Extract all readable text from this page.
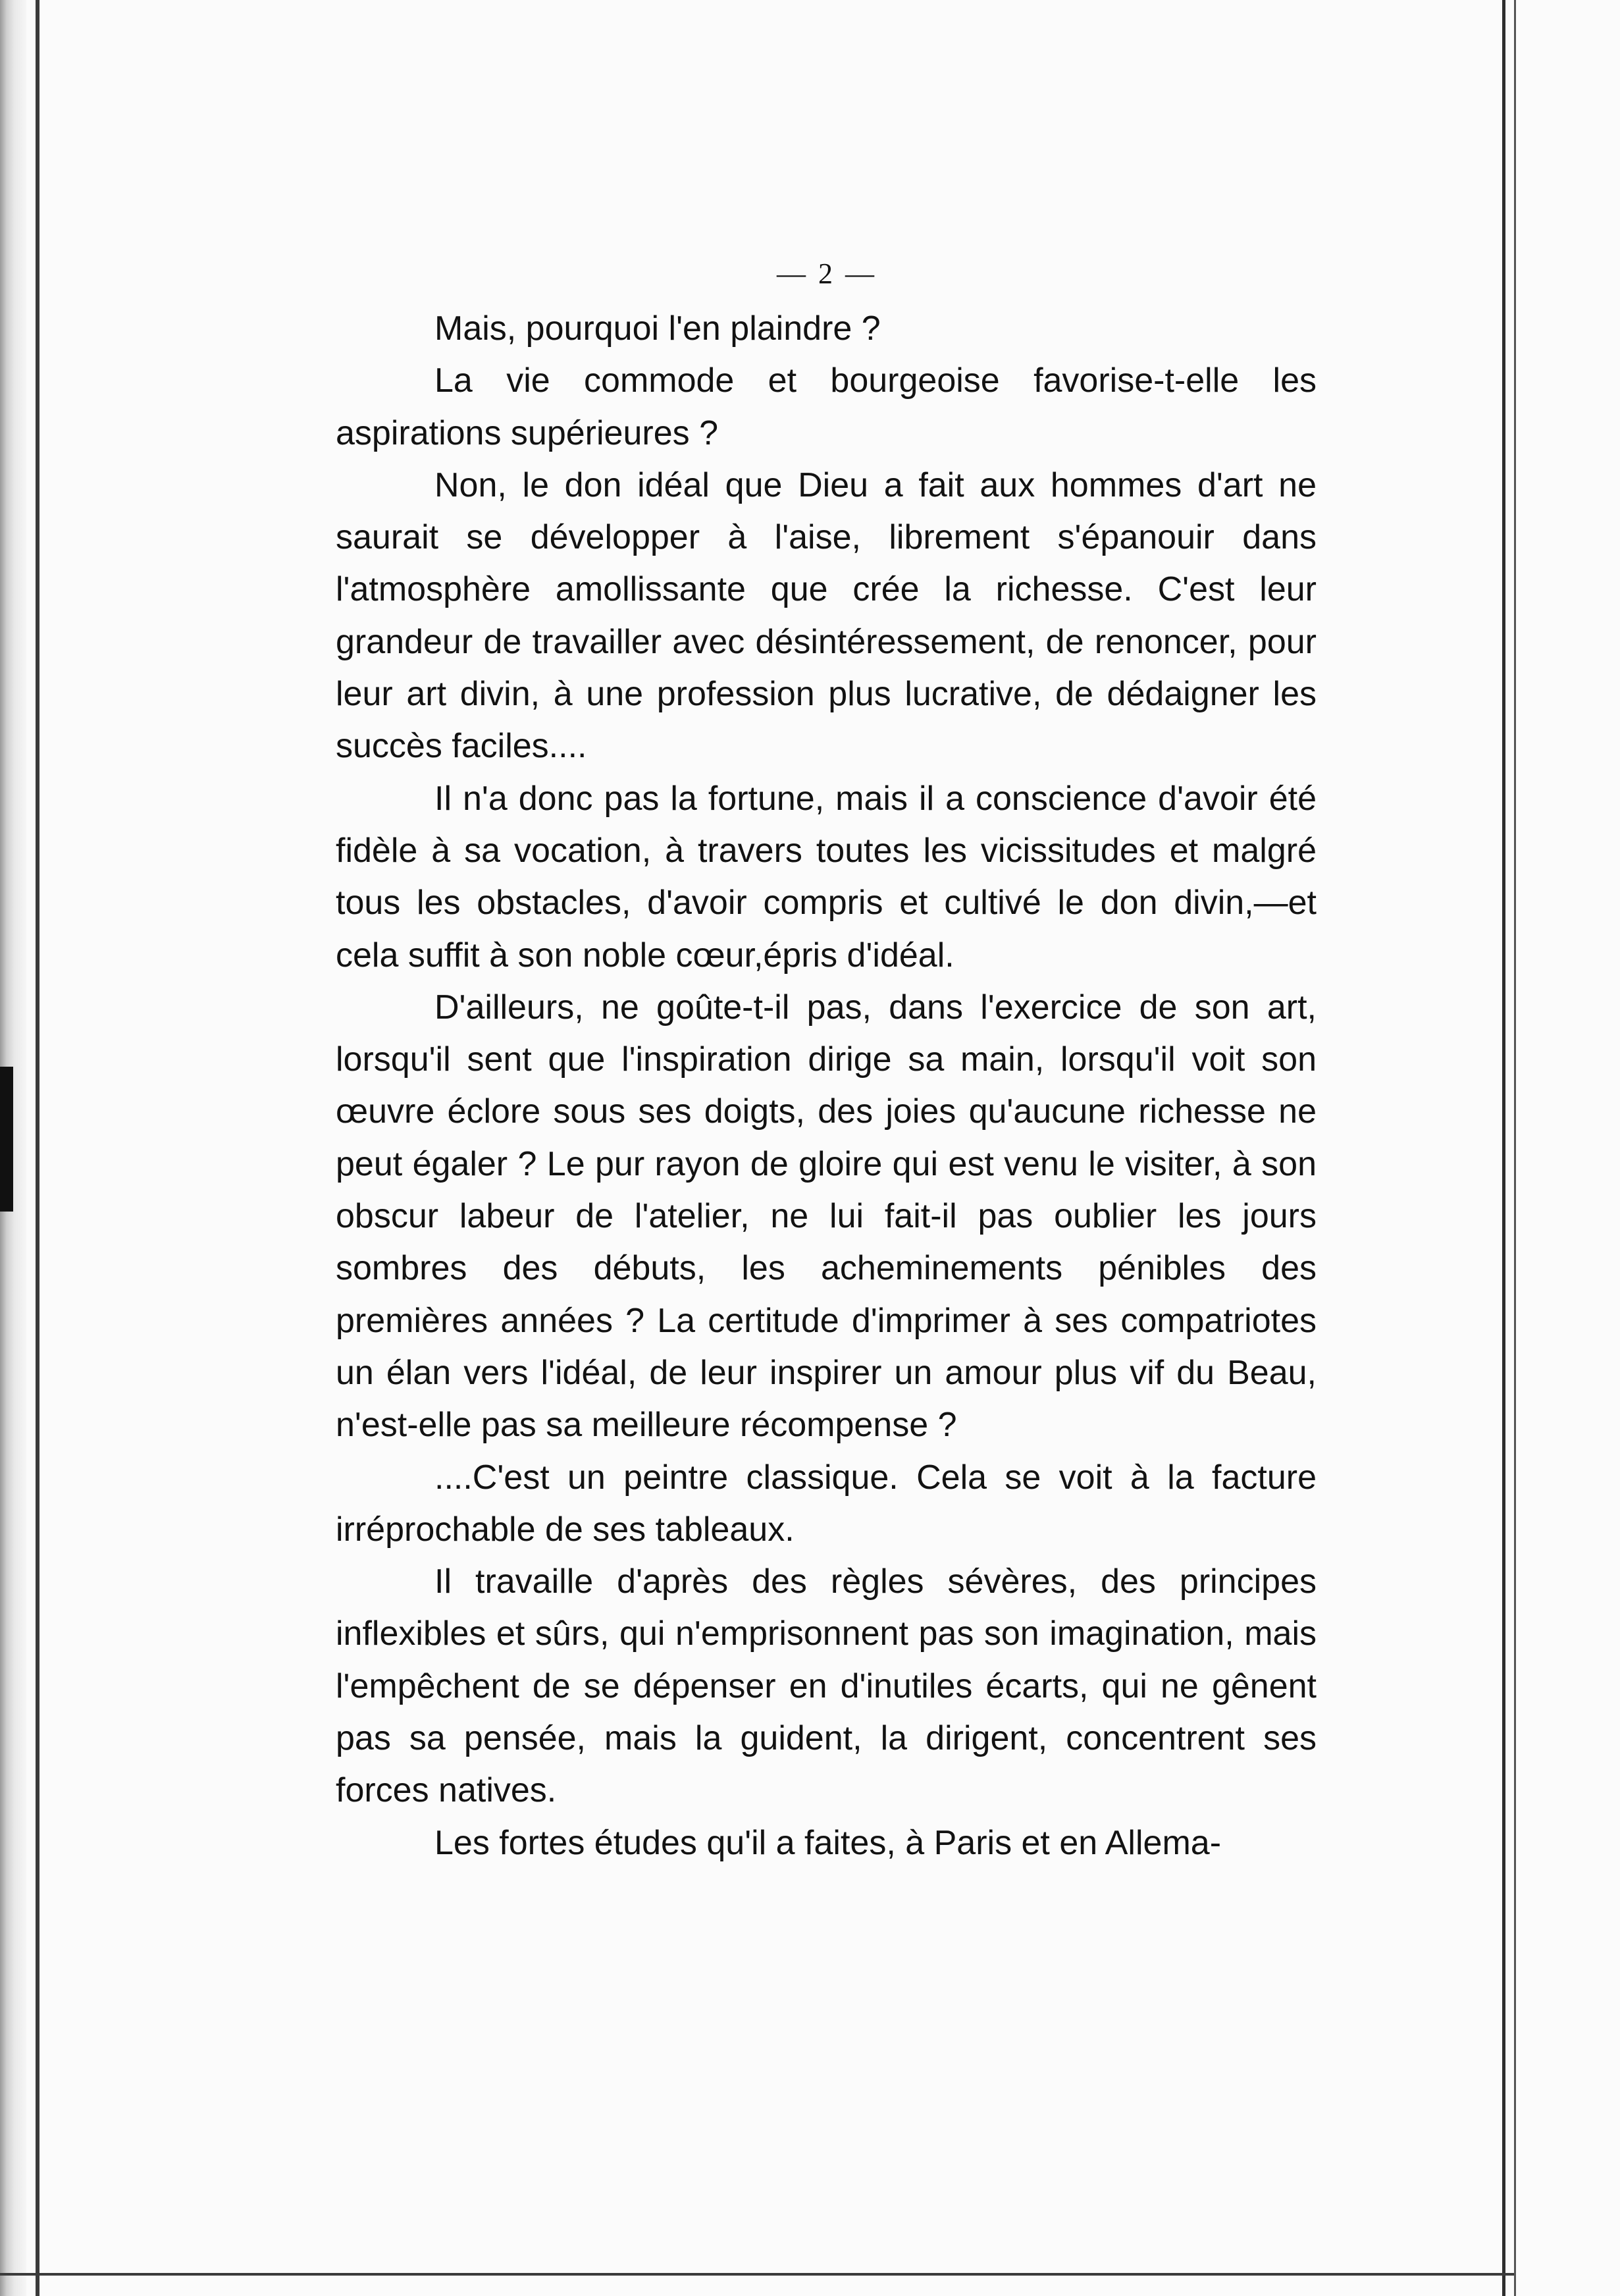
— 2 —

Mais, pourquoi l'en plaindre ?

La vie commode et bourgeoise favorise-t-elle les aspirations supérieures ?

Non, le don idéal que Dieu a fait aux hommes d'art ne saurait se développer à l'aise, librement s'épanouir dans l'atmosphère amollissante que crée la richesse. C'est leur grandeur de travailler avec désintéressement, de renoncer, pour leur art divin, à une profession plus lucrative, de dédaigner les succès faciles....

Il n'a donc pas la fortune, mais il a conscience d'avoir été fidèle à sa vocation, à travers toutes les vicissitudes et malgré tous les obstacles, d'avoir compris et cultivé le don divin,—et cela suffit à son noble cœur,épris d'idéal.

D'ailleurs, ne goûte-t-il pas, dans l'exercice de son art, lorsqu'il sent que l'inspiration dirige sa main, lorsqu'il voit son œuvre éclore sous ses doigts, des joies qu'aucune richesse ne peut égaler ? Le pur rayon de gloire qui est venu le visiter, à son obscur labeur de l'atelier, ne lui fait-il pas oublier les jours sombres des débuts, les acheminements pénibles des premières années ? La certitude d'imprimer à ses compatriotes un élan vers l'idéal, de leur inspirer un amour plus vif du Beau, n'est-elle pas sa meilleure récompense ?

....C'est un peintre classique. Cela se voit à la facture irréprochable de ses tableaux.

Il travaille d'après des règles sévères, des principes inflexibles et sûrs, qui n'emprisonnent pas son imagination, mais l'empêchent de se dépenser en d'inutiles écarts, qui ne gênent pas sa pensée, mais la guident, la dirigent, concentrent ses forces natives.

Les fortes études qu'il a faites, à Paris et en Allema-
